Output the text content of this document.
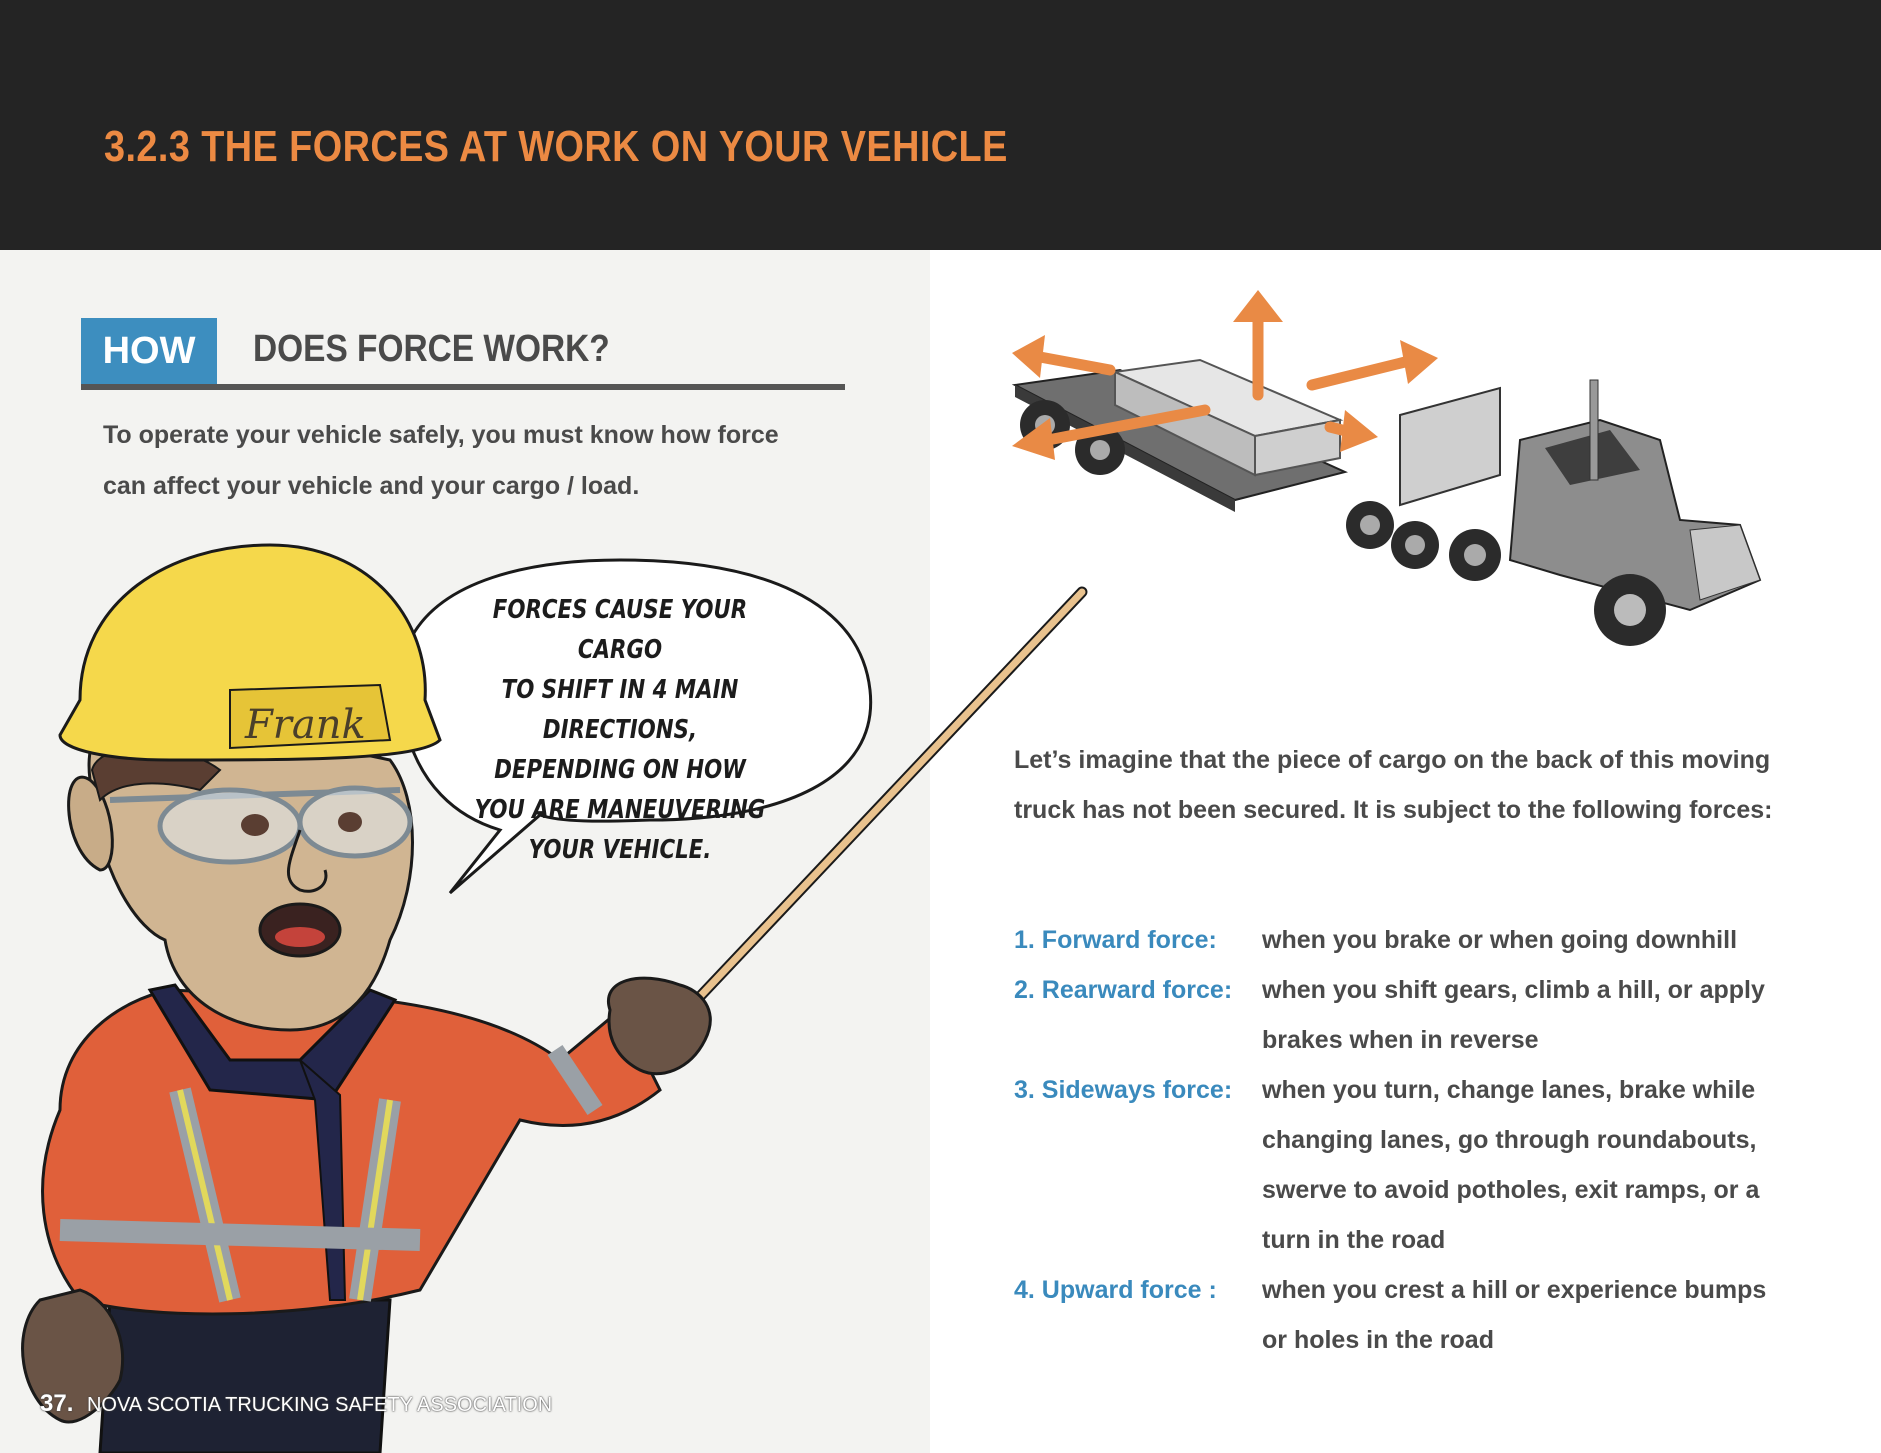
3.2.3 THE FORCES AT WORK ON YOUR VEHICLE
HOW	DOES FORCE WORK?
To operate your vehicle safely, you must know how force can affect your vehicle and your cargo / load.
Frank
FORCES CAUSE YOUR CARGO
TO SHIFT IN 4 MAIN DIRECTIONS,
DEPENDING ON HOW
YOU ARE MANEUVERING
YOUR VEHICLE.
Let’s imagine that the piece of cargo on the back of this moving truck has not been secured. It is subject to the following forces:
1. Forward force:	when you brake or when going downhill
2. Rearward force:	when you shift gears, climb a hill, or apply brakes when in reverse
3. Sideways force:	when you turn, change lanes, brake while changing lanes, go through roundabouts, swerve to avoid potholes, exit ramps, or a turn in the road
4. Upward force :	when you crest a hill or experience bumps or holes in the road
37. NOVA SCOTIA TRUCKING SAFETY ASSOCIATION
